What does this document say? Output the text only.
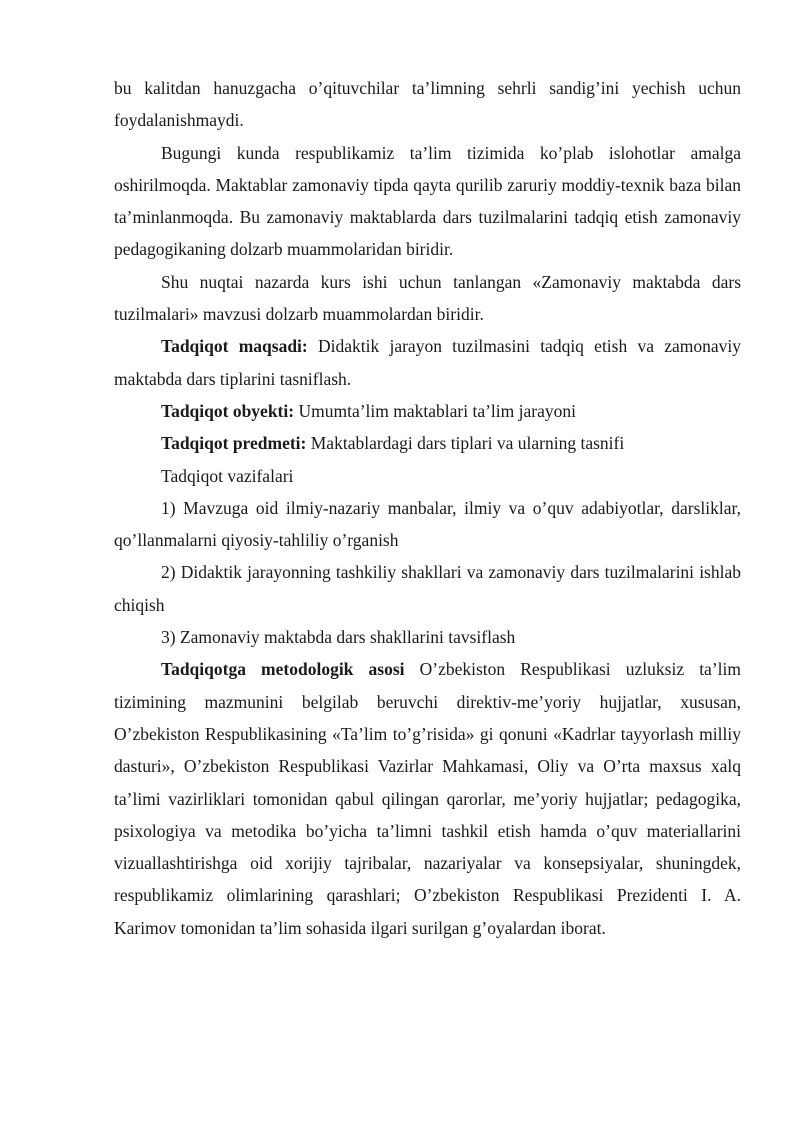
bu kalitdan hanuzgacha o’qituvchilar ta’limning sehrli sandig’ini yechish uchun foydalanishmaydi.

Bugungi kunda respublikamiz ta’lim tizimida ko’plab islohotlar amalga oshirilmoqda. Maktablar zamonaviy tipda qayta qurilib zaruriy moddiy-texnik baza bilan ta’minlanmoqda. Bu zamonaviy maktablarda dars tuzilmalarini tadqiq etish zamonaviy pedagogikaning dolzarb muammolaridan biridir.

Shu nuqtai nazarda kurs ishi uchun tanlangan «Zamonaviy maktabda dars tuzilmalari» mavzusi dolzarb muammolardan biridir.

Tadqiqot maqsadi: Didaktik jarayon tuzilmasini tadqiq etish va zamonaviy maktabda dars tiplarini tasniflash.

Tadqiqot obyekti: Umumta’lim maktablari ta’lim jarayoni

Tadqiqot predmeti: Maktablardagi dars tiplari va ularning tasnifi

Tadqiqot vazifalari

1) Mavzuga oid ilmiy-nazariy manbalar, ilmiy va o’quv adabiyotlar, darsliklar, qo’llanmalarni qiyosiy-tahliliy o’rganish

2) Didaktik jarayonning tashkiliy shakllari va zamonaviy dars tuzilmalarini ishlab chiqish

3) Zamonaviy maktabda dars shakllarini tavsiflash

Tadqiqotga metodologik asosi O’zbekiston Respublikasi uzluksiz ta’lim tizimining mazmunini belgilab beruvchi direktiv-me’yoriy hujjatlar, xususan, O’zbekiston Respublikasining «Ta’lim to’g’risida» gi qonuni «Kadrlar tayyorlash milliy dasturi», O’zbekiston Respublikasi Vazirlar Mahkamasi, Oliy va O’rta maxsus xalq ta’limi vazirliklari tomonidan qabul qilingan qarorlar, me’yoriy hujjatlar; pedagogika, psixologiya va metodika bo’yicha ta’limni tashkil etish hamda o’quv materiallarini vizuallashtirishga oid xorijiy tajribalar, nazariyalar va konsepsiyalar, shuningdek, respublikamiz olimlarining qarashlari; O’zbekiston Respublikasi Prezidenti I. A. Karimov tomonidan ta’lim sohasida ilgari surilgan g’oyalardan iborat.
